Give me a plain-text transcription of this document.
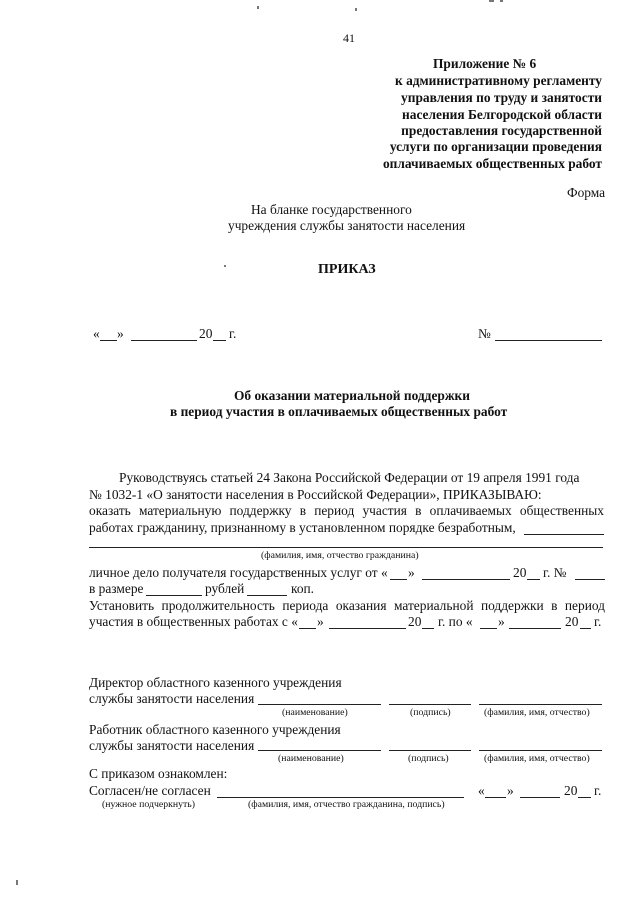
41
Приложение № 6
к административному регламенту
управления по труду и занятости
населения Белгородской области
предоставления государственной
услуги по организации проведения
оплачиваемых общественных работ
Форма
На бланке государственного
учреждения службы занятости населения
ПРИКАЗ
« »	20 г.	№
Об оказании материальной поддержки
в период участия в оплачиваемых общественных работ
Руководствуясь статьей 24 Закона Российской Федерации от 19 апреля 1991 года
№ 1032-1 «О занятости населения в Российской Федерации», ПРИКАЗЫВАЮ:
оказать материальную поддержку в период участия в оплачиваемых общественных
работах гражданину, признанному в установленном порядке безработным,
(фамилия, имя, отчество гражданина)
личное дело получателя государственных услуг от « »	20 г. №
в размере	рублей	коп.
Установить продолжительность периода оказания материальной поддержки в период
участия в общественных работах с « »	20 г. по « »	20 г.
Директор областного казенного учреждения
службы занятости населения
(наименование)	(подпись)	(фамилия, имя, отчество)
Работник областного казенного учреждения
службы занятости населения
(наименование)	(подпись)	(фамилия, имя, отчество)
С приказом ознакомлен:
Согласен/не согласен	« »	20 г.
(нужное подчеркнуть)	(фамилия, имя, отчество гражданина, подпись)
